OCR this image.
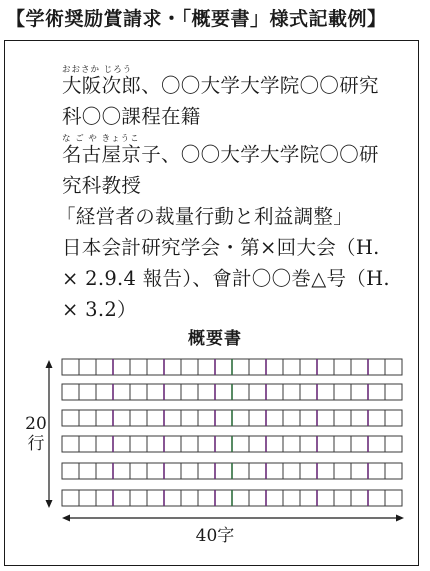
【学術奨励賞請求・「概要書」様式記載例】
おおさか じろう
大阪次郎、〇〇大学大学院〇〇研究
科〇〇課程在籍
な ご や きょうこ
名古屋京子、〇〇大学大学院〇〇研
究科教授
「経営者の裁量行動と利益調整」
日本会計研究学会・第×回大会（H.
× 2.9.4 報告）、會計〇〇巻△号（H.
× 3.2）
概要書
20
行
40字
